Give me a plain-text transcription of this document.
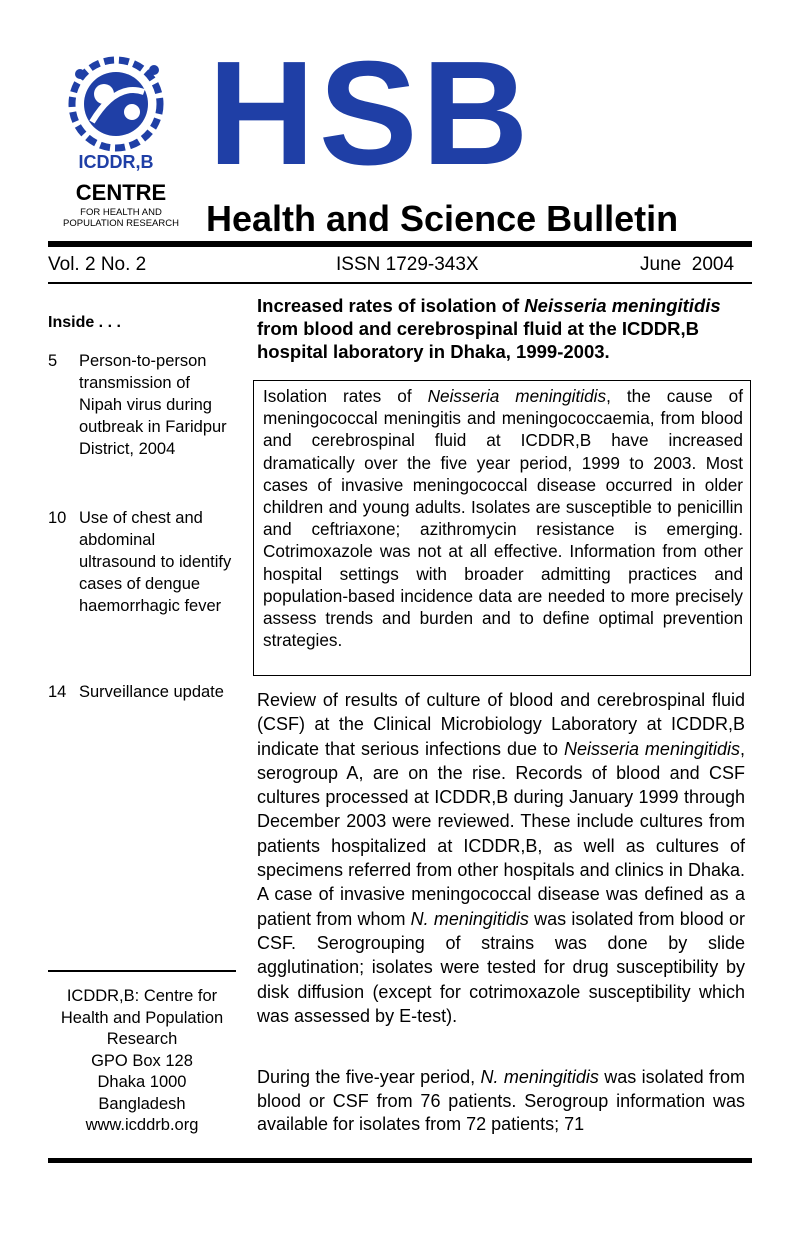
ICDDR,B HSB
CENTRE
FOR HEALTH AND
POPULATION RESEARCH Health and Science Bulletin
Vol. 2 No. 2	ISSN 1729-343X	June  2004
Inside . . .
5 Person-to-person transmission of Nipah virus during outbreak in Faridpur District, 2004
10 Use of chest and abdominal ultrasound to identify cases of dengue haemorrhagic fever
14 Surveillance update
ICDDR,B: Centre for
Health and Population
Research
GPO Box 128
Dhaka 1000
Bangladesh
www.icddrb.org
Increased rates of isolation of Neisseria meningitidis from blood and cerebrospinal fluid at the ICDDR,B hospital laboratory in Dhaka, 1999-2003.
Isolation rates of Neisseria meningitidis, the cause of meningococcal meningitis and meningococcaemia, from blood and cerebrospinal fluid at ICDDR,B have increased dramatically over the five year period, 1999 to 2003. Most cases of invasive meningococcal disease occurred in older children and young adults. Isolates are susceptible to penicillin and ceftriaxone; azithromycin resistance is emerging. Cotrimoxazole was not at all effective. Information from other hospital settings with broader admitting practices and population-based incidence data are needed to more precisely assess trends and burden and to define optimal prevention strategies.
Review of results of culture of blood and cerebrospinal fluid (CSF) at the Clinical Microbiology Laboratory at ICDDR,B indicate that serious infections due to Neisseria meningitidis, serogroup A, are on the rise. Records of blood and CSF cultures processed at ICDDR,B during January 1999 through December 2003 were reviewed. These include cultures from patients hospitalized at ICDDR,B, as well as cultures of specimens referred from other hospitals and clinics in Dhaka. A case of invasive meningococcal disease was defined as a patient from whom N. meningitidis was isolated from blood or CSF. Serogrouping of strains was done by slide agglutination; isolates were tested for drug susceptibility by disk diffusion (except for cotrimoxazole susceptibility which was assessed by E-test).
During the five-year period, N. meningitidis was isolated from blood or CSF from 76 patients. Serogroup information was available for isolates from 72 patients; 71
